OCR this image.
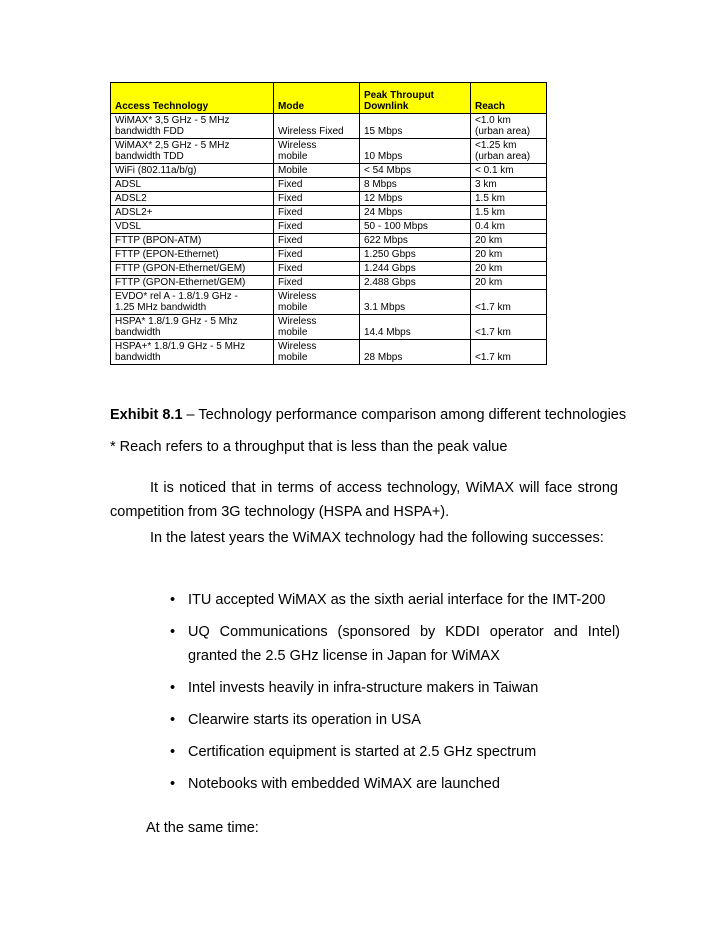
Access Technology	Mode	Peak Throuput
Downlink	Reach
WiMAX* 3,5 GHz - 5 MHz
bandwidth FDD	Wireless Fixed	15 Mbps	<1.0 km
(urban area)
WiMAX* 2,5 GHz - 5 MHz
bandwidth TDD	Wireless
mobile	10 Mbps	<1.25 km
(urban area)
WiFi (802.11a/b/g)	Mobile	< 54 Mbps	< 0.1 km
ADSL	Fixed	8 Mbps	3 km
ADSL2	Fixed	12 Mbps	1.5 km
ADSL2+	Fixed	24 Mbps	1.5 km
VDSL	Fixed	50 - 100 Mbps	0.4 km
FTTP (BPON-ATM)	Fixed	622 Mbps	20 km
FTTP (EPON-Ethernet)	Fixed	1.250 Gbps	20 km
FTTP (GPON-Ethernet/GEM)	Fixed	1.244 Gbps	20 km
FTTP (GPON-Ethernet/GEM)	Fixed	2.488 Gbps	20 km
EVDO* rel A - 1.8/1.9 GHz -
1.25 MHz bandwidth	Wireless
mobile	3.1 Mbps	<1.7 km
HSPA* 1.8/1.9 GHz - 5 Mhz
bandwidth	Wireless
mobile	14.4 Mbps	<1.7 km
HSPA+* 1.8/1.9 GHz - 5 MHz
bandwidth	Wireless
mobile	28 Mbps	<1.7 km
Exhibit 8.1 – Technology performance comparison among different technologies
* Reach refers to a throughput that is less than the peak value
It is noticed that in terms of access technology, WiMAX will face strong competition from 3G technology (HSPA and HSPA+).
In the latest years the WiMAX technology had the following successes:
• ITU accepted WiMAX as the sixth aerial interface for the IMT-200
• UQ Communications (sponsored by KDDI operator and Intel) granted the 2.5 GHz license in Japan for WiMAX
• Intel invests heavily in infra-structure makers in Taiwan
• Clearwire starts its operation in USA
• Certification equipment is started at 2.5 GHz spectrum
• Notebooks with embedded WiMAX are launched
At the same time:
